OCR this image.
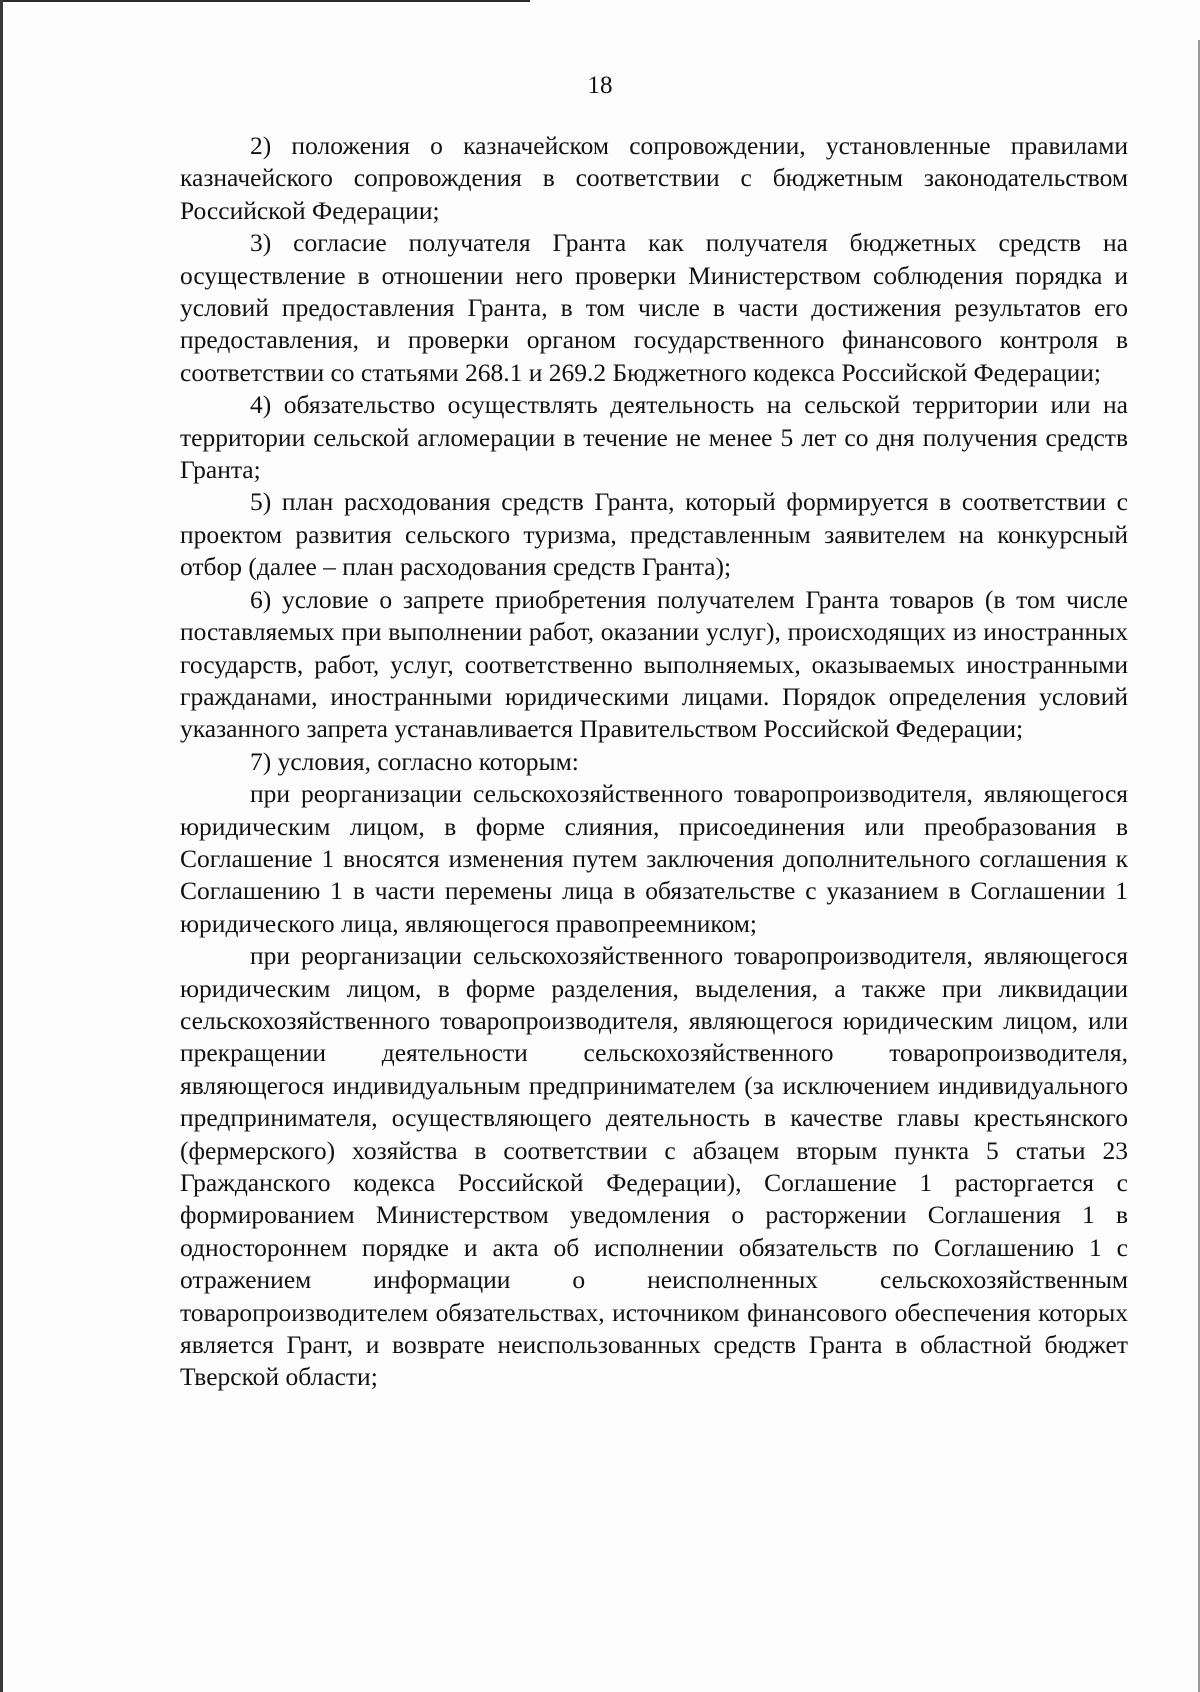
18

2) положения о казначейском сопровождении, установленные правилами казначейского сопровождения в соответствии с бюджетным законодательством Российской Федерации;

3) согласие получателя Гранта как получателя бюджетных средств на осуществление в отношении него проверки Министерством соблюдения порядка и условий предоставления Гранта, в том числе в части достижения результатов его предоставления, и проверки органом государственного финансового контроля в соответствии со статьями 268.1 и 269.2 Бюджетного кодекса Российской Федерации;

4) обязательство осуществлять деятельность на сельской территории или на территории сельской агломерации в течение не менее 5 лет со дня получения средств Гранта;

5) план расходования средств Гранта, который формируется в соответствии с проектом развития сельского туризма, представленным заявителем на конкурсный отбор (далее – план расходования средств Гранта);

6) условие о запрете приобретения получателем Гранта товаров (в том числе поставляемых при выполнении работ, оказании услуг), происходящих из иностранных государств, работ, услуг, соответственно выполняемых, оказываемых иностранными гражданами, иностранными юридическими лицами. Порядок определения условий указанного запрета устанавливается Правительством Российской Федерации;

7) условия, согласно которым:

при реорганизации сельскохозяйственного товаропроизводителя, являющегося юридическим лицом, в форме слияния, присоединения или преобразования в Соглашение 1 вносятся изменения путем заключения дополнительного соглашения к Соглашению 1 в части перемены лица в обязательстве с указанием в Соглашении 1 юридического лица, являющегося правопреемником;

при реорганизации сельскохозяйственного товаропроизводителя, являющегося юридическим лицом, в форме разделения, выделения, а также при ликвидации сельскохозяйственного товаропроизводителя, являющегося юридическим лицом, или прекращении деятельности сельскохозяйственного товаропроизводителя, являющегося индивидуальным предпринимателем (за исключением индивидуального предпринимателя, осуществляющего деятельность в качестве главы крестьянского (фермерского) хозяйства в соответствии с абзацем вторым пункта 5 статьи 23 Гражданского кодекса Российской Федерации), Соглашение 1 расторгается с формированием Министерством уведомления о расторжении Соглашения 1 в одностороннем порядке и акта об исполнении обязательств по Соглашению 1 с отражением информации о неисполненных сельскохозяйственным товаропроизводителем обязательствах, источником финансового обеспечения которых является Грант, и возврате неиспользованных средств Гранта в областной бюджет Тверской области;
